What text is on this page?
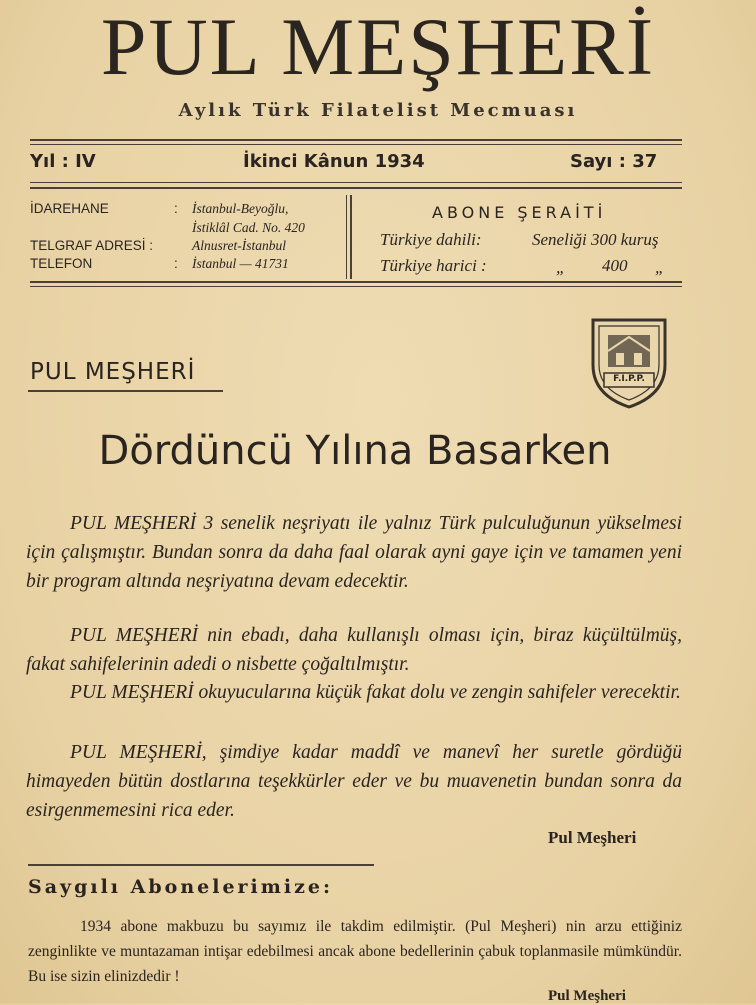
PUL MEŞHERİ
Aylık Türk Filatelist Mecmuası
Yıl : IV	İkinci Kânun 1934	Sayı : 37
İDAREHANE	: İstanbul-Beyoğlu,
İstiklâl Cad. No. 420
TELGRAF ADRESİ :	Alnusret-İstanbul
TELEFON	: İstanbul — 41731
ABONE ŞERAİTİ
Türkiye dahili:	Seneliği 300 kuruş
Türkiye harici :	„ 400 „
PUL MEŞHERİ	F.I.P.P.
Dördüncü Yılına Basarken
PUL MEŞHERİ 3 senelik neşriyatı ile yalnız Türk pulculuğunun yükselmesi için çalışmıştır. Bundan sonra da daha faal olarak ayni gaye için ve tamamen yeni bir program altında neşriyatına devam edecektir.
PUL MEŞHERİ nin ebadı, daha kullanışlı olması için, biraz küçültülmüş, fakat sahifelerinin adedi o nisbette çoğaltılmıştır.
PUL MEŞHERİ okuyucularına küçük fakat dolu ve zengin sahifeler verecektir.
PUL MEŞHERİ, şimdiye kadar maddî ve manevî her suretle gördüğü himayeden bütün dostlarına teşekkürler eder ve bu muavenetin bundan sonra da esirgenmemesini rica eder.
Pul Meşheri
Saygılı Abonelerimize:
1934 abone makbuzu bu sayımız ile takdim edilmiştir. (Pul Meşheri) nin arzu ettiğiniz zenginlikte ve muntazaman intişar edebilmesi ancak abone bedellerinin çabuk toplanmasile mümkündür. Bu ise sizin elinizdedir !
Pul Meşheri
